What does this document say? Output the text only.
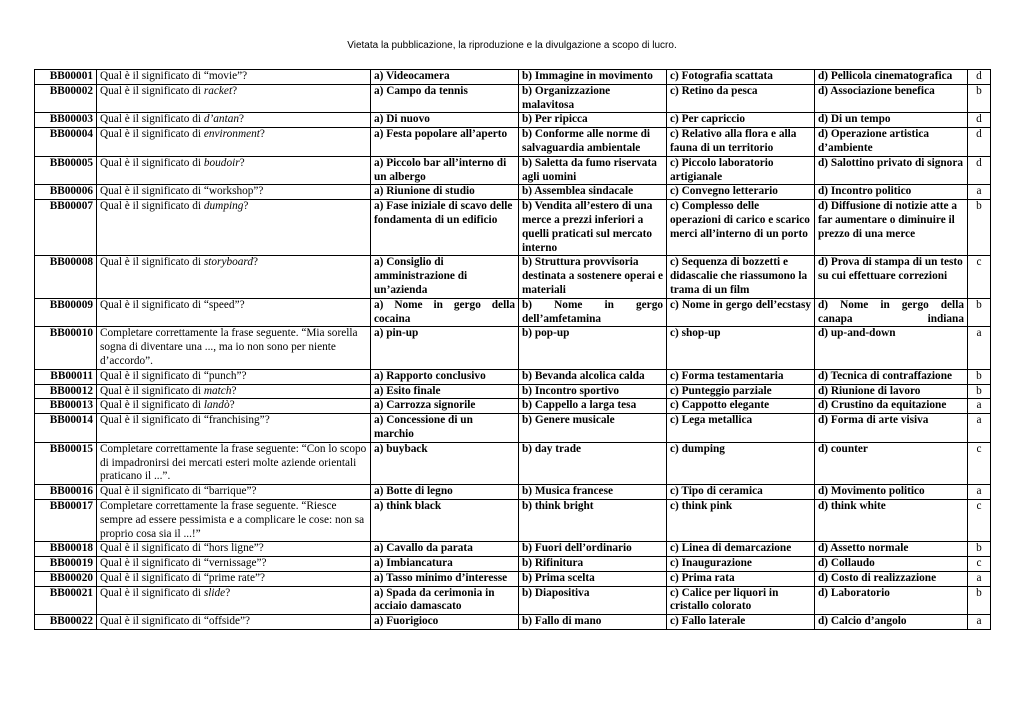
Vietata la pubblicazione, la riproduzione e la divulgazione a scopo di lucro.
BB00001	Qual è il significato di “movie”?	a) Videocamera	b) Immagine in movimento	c) Fotografia scattata	d) Pellicola cinematografica	d
BB00002	Qual è il significato di racket?	a) Campo da tennis	b) Organizzazione malavitosa	c) Retino da pesca	d) Associazione benefica	b
BB00003	Qual è il significato di d’antan?	a) Di nuovo	b) Per ripicca	c) Per capriccio	d) Di un tempo	d
BB00004	Qual è il significato di environment?	a) Festa popolare all’aperto	b) Conforme alle norme di salvaguardia ambientale	c) Relativo alla flora e alla fauna di un territorio	d) Operazione artistica d’ambiente	d
BB00005	Qual è il significato di boudoir?	a) Piccolo bar all’interno di un albergo	b) Saletta da fumo riservata agli uomini	c) Piccolo laboratorio artigianale	d) Salottino privato di signora	d
BB00006	Qual è il significato di “workshop”?	a) Riunione di studio	b) Assemblea sindacale	c) Convegno letterario	d) Incontro politico	a
BB00007	Qual è il significato di dumping?	a) Fase iniziale di scavo delle fondamenta di un edificio	b) Vendita all’estero di una merce a prezzi inferiori a quelli praticati sul mercato interno	c) Complesso delle operazioni di carico e scarico merci all’interno di un porto	d) Diffusione di notizie atte a far aumentare o diminuire il prezzo di una merce	b
BB00008	Qual è il significato di storyboard?	a) Consiglio di amministrazione di un’azienda	b) Struttura provvisoria destinata a sostenere operai e materiali	c) Sequenza di bozzetti e didascalie che riassumono la trama di un film	d) Prova di stampa di un testo su cui effettuare correzioni	c
BB00009	Qual è il significato di “speed”?	a) Nome in gergo della cocaina	b) Nome in gergo dell’amfetamina	c) Nome in gergo dell’ecstasy	d) Nome in gergo della canapa indiana	b
BB00010	Completare correttamente la frase seguente. “Mia sorella sogna di diventare una ..., ma io non sono per niente d’accordo”.	a) pin-up	b) pop-up	c) shop-up	d) up-and-down	a
BB00011	Qual è il significato di “punch”?	a) Rapporto conclusivo	b) Bevanda alcolica calda	c) Forma testamentaria	d) Tecnica di contraffazione	b
BB00012	Qual è il significato di match?	a) Esito finale	b) Incontro sportivo	c) Punteggio parziale	d) Riunione di lavoro	b
BB00013	Qual è il significato di landò?	a) Carrozza signorile	b) Cappello a larga tesa	c) Cappotto elegante	d) Crustino da equitazione	a
BB00014	Qual è il significato di “franchising”?	a) Concessione di un marchio	b) Genere musicale	c) Lega metallica	d) Forma di arte visiva	a
BB00015	Completare correttamente la frase seguente: “Con lo scopo di impadronirsi dei mercati esteri molte aziende orientali praticano il ...”.	a) buyback	b) day trade	c) dumping	d) counter	c
BB00016	Qual è il significato di “barrique”?	a) Botte di legno	b) Musica francese	c) Tipo di ceramica	d) Movimento politico	a
BB00017	Completare correttamente la frase seguente. “Riesce sempre ad essere pessimista e a complicare le cose: non sa proprio cosa sia il ...!”	a) think black	b) think bright	c) think pink	d) think white	c
BB00018	Qual è il significato di “hors ligne”?	a) Cavallo da parata	b) Fuori dell’ordinario	c) Linea di demarcazione	d) Assetto normale	b
BB00019	Qual è il significato di “vernissage”?	a) Imbiancatura	b) Rifinitura	c) Inaugurazione	d) Collaudo	c
BB00020	Qual è il significato di “prime rate”?	a) Tasso minimo d’interesse	b) Prima scelta	c) Prima rata	d) Costo di realizzazione	a
BB00021	Qual è il significato di slide?	a) Spada da cerimonia in acciaio damascato	b) Diapositiva	c) Calice per liquori in cristallo colorato	d) Laboratorio	b
BB00022	Qual è il significato di “offside”?	a) Fuorigioco	b) Fallo di mano	c) Fallo laterale	d) Calcio d’angolo	a
